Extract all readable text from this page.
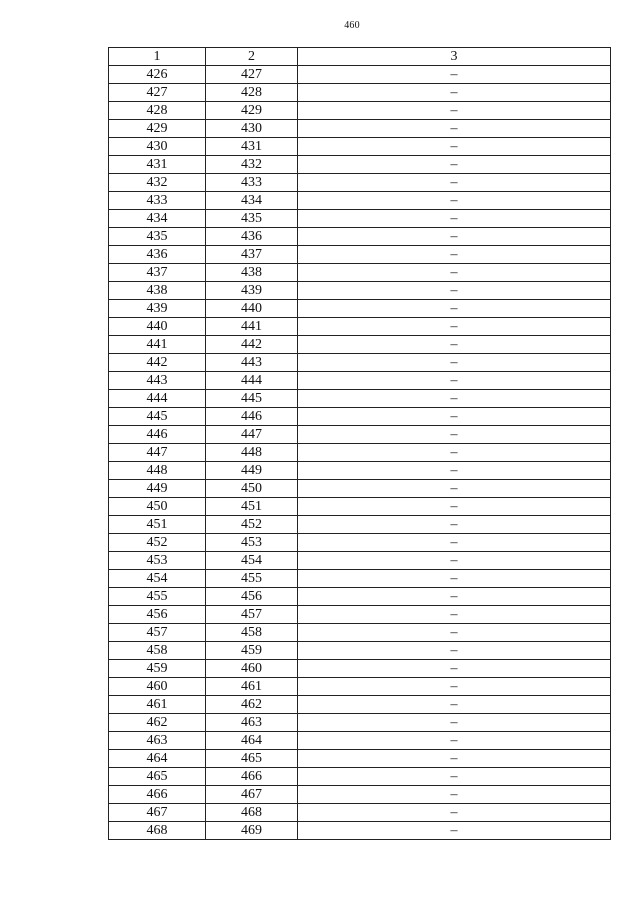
460
1	2	3
426	427	–
427	428	–
428	429	–
429	430	–
430	431	–
431	432	–
432	433	–
433	434	–
434	435	–
435	436	–
436	437	–
437	438	–
438	439	–
439	440	–
440	441	–
441	442	–
442	443	–
443	444	–
444	445	–
445	446	–
446	447	–
447	448	–
448	449	–
449	450	–
450	451	–
451	452	–
452	453	–
453	454	–
454	455	–
455	456	–
456	457	–
457	458	–
458	459	–
459	460	–
460	461	–
461	462	–
462	463	–
463	464	–
464	465	–
465	466	–
466	467	–
467	468	–
468	469	–
